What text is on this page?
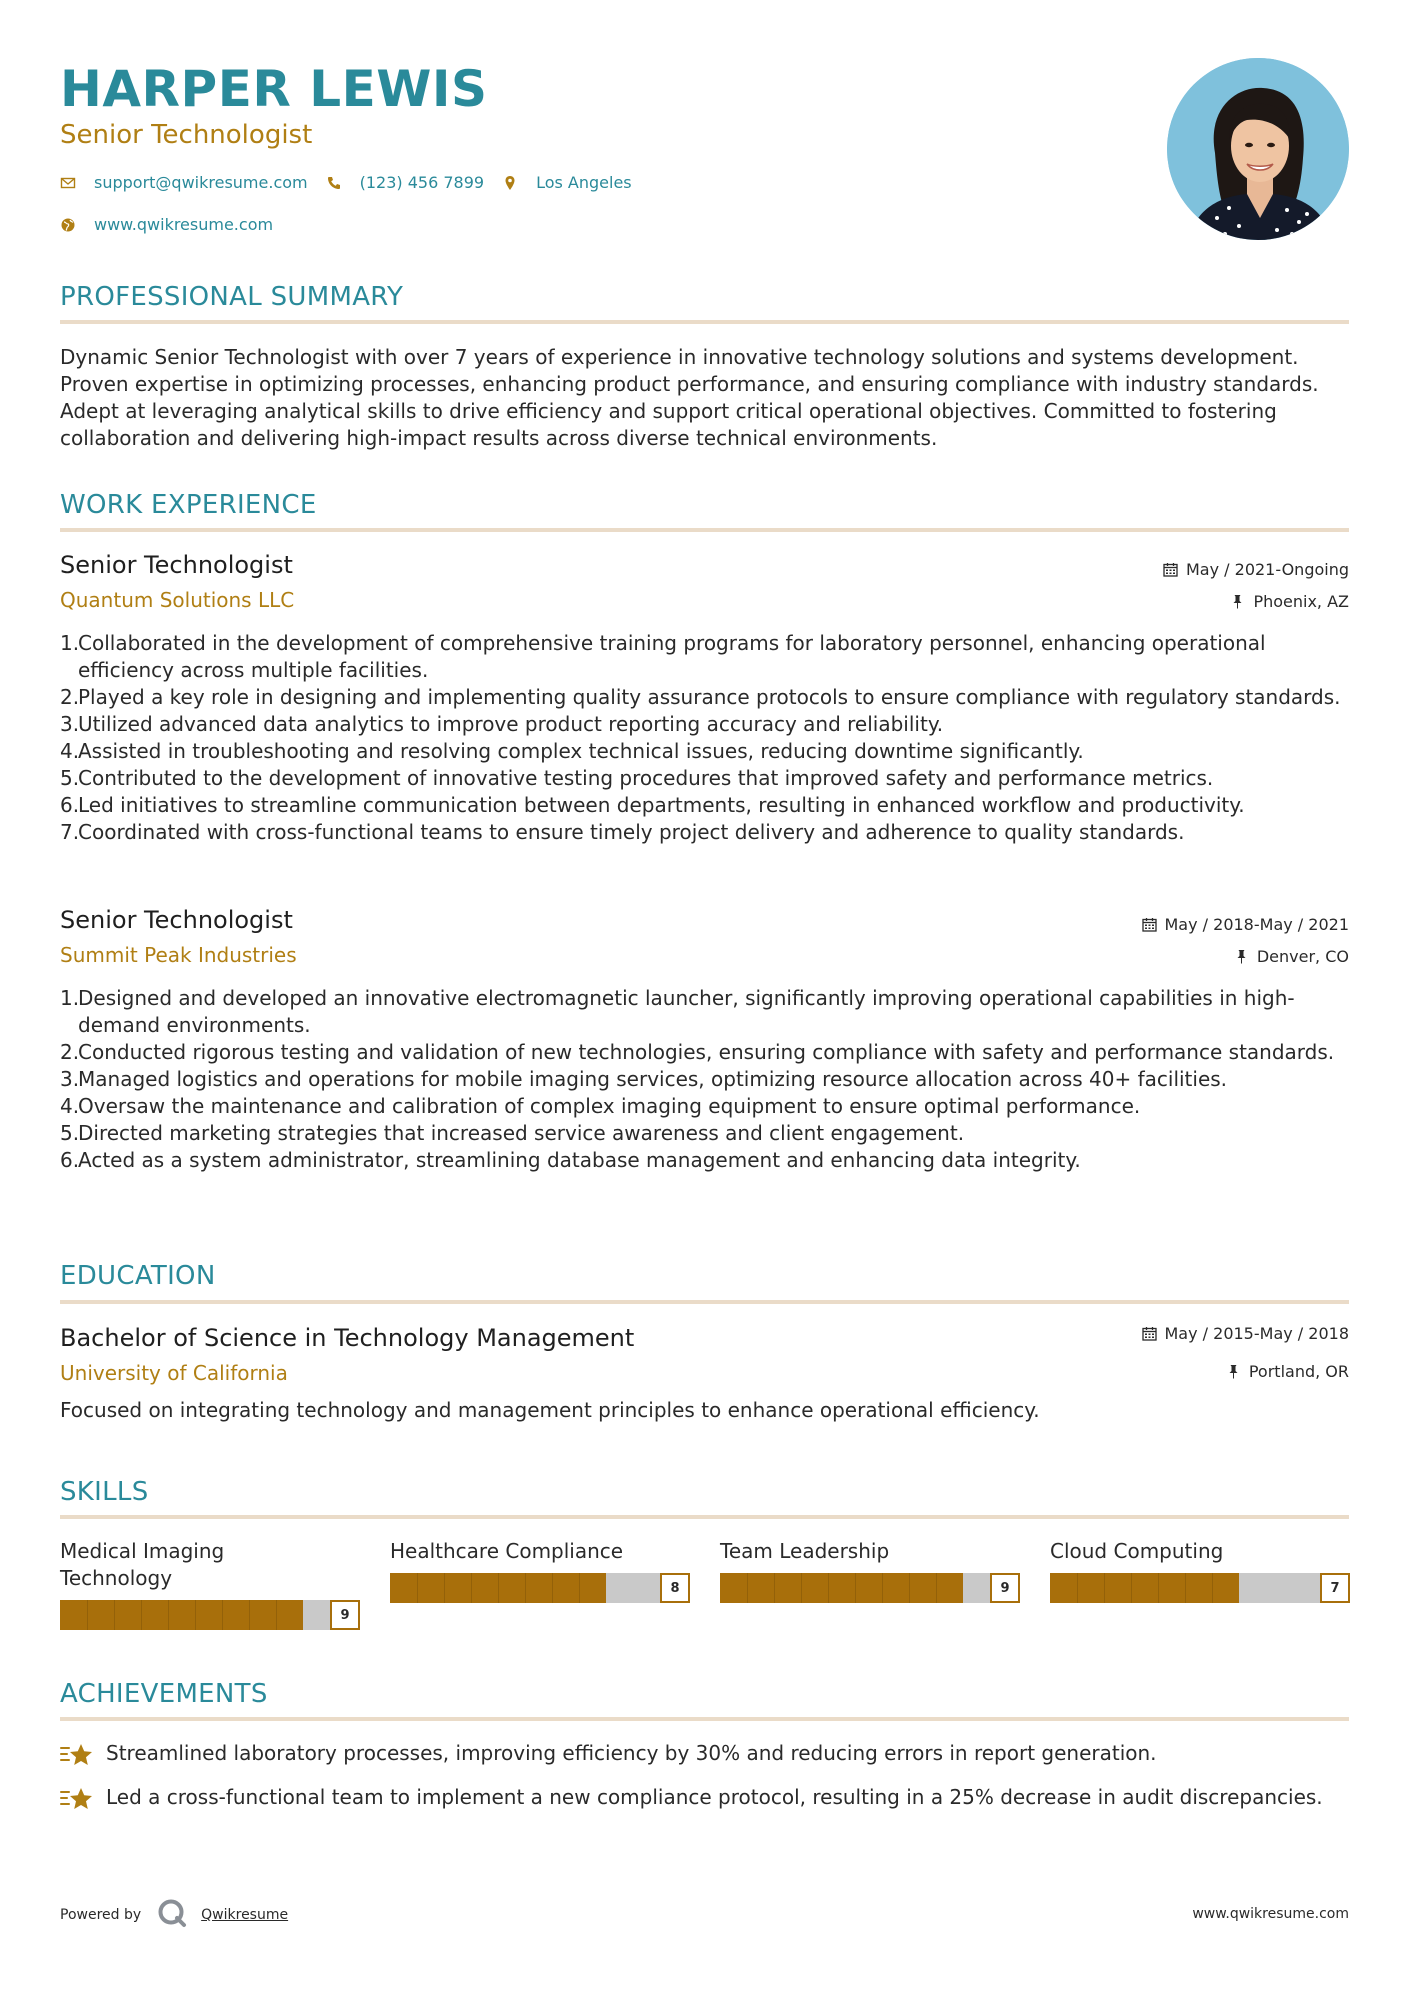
HARPER LEWIS
Senior Technologist
support@qwikresume.com	(123) 456 7899	Los Angeles
www.qwikresume.com
PROFESSIONAL SUMMARY
Dynamic Senior Technologist with over 7 years of experience in innovative technology solutions and systems development. Proven expertise in optimizing processes, enhancing product performance, and ensuring compliance with industry standards. Adept at leveraging analytical skills to drive efficiency and support critical operational objectives. Committed to fostering collaboration and delivering high-impact results across diverse technical environments.
WORK EXPERIENCE
Senior Technologist
Quantum Solutions LLC
May / 2021-Ongoing
Phoenix, AZ
1.
Collaborated in the development of comprehensive training programs for laboratory personnel, enhancing operational efficiency across multiple facilities.
2.
Played a key role in designing and implementing quality assurance protocols to ensure compliance with regulatory standards.
3.
Utilized advanced data analytics to improve product reporting accuracy and reliability.
4.
Assisted in troubleshooting and resolving complex technical issues, reducing downtime significantly.
5.
Contributed to the development of innovative testing procedures that improved safety and performance metrics.
6.
Led initiatives to streamline communication between departments, resulting in enhanced workflow and productivity.
7.
Coordinated with cross-functional teams to ensure timely project delivery and adherence to quality standards.
Senior Technologist
Summit Peak Industries
May / 2018-May / 2021
Denver, CO
1.
Designed and developed an innovative electromagnetic launcher, significantly improving operational capabilities in high-demand environments.
2.
Conducted rigorous testing and validation of new technologies, ensuring compliance with safety and performance standards.
3.
Managed logistics and operations for mobile imaging services, optimizing resource allocation across 40+ facilities.
4.
Oversaw the maintenance and calibration of complex imaging equipment to ensure optimal performance.
5.
Directed marketing strategies that increased service awareness and client engagement.
6.
Acted as a system administrator, streamlining database management and enhancing data integrity.
EDUCATION
Bachelor of Science in Technology Management
University of California
May / 2015-May / 2018
Portland, OR
Focused on integrating technology and management principles to enhance operational efficiency.
SKILLS
Medical Imaging Technology
9
Healthcare Compliance
8
Team Leadership
9
Cloud Computing
7
ACHIEVEMENTS
Streamlined laboratory processes, improving efficiency by 30% and reducing errors in report generation.
Led a cross-functional team to implement a new compliance protocol, resulting in a 25% decrease in audit discrepancies.
Powered by	Qwikresume	www.qwikresume.com
